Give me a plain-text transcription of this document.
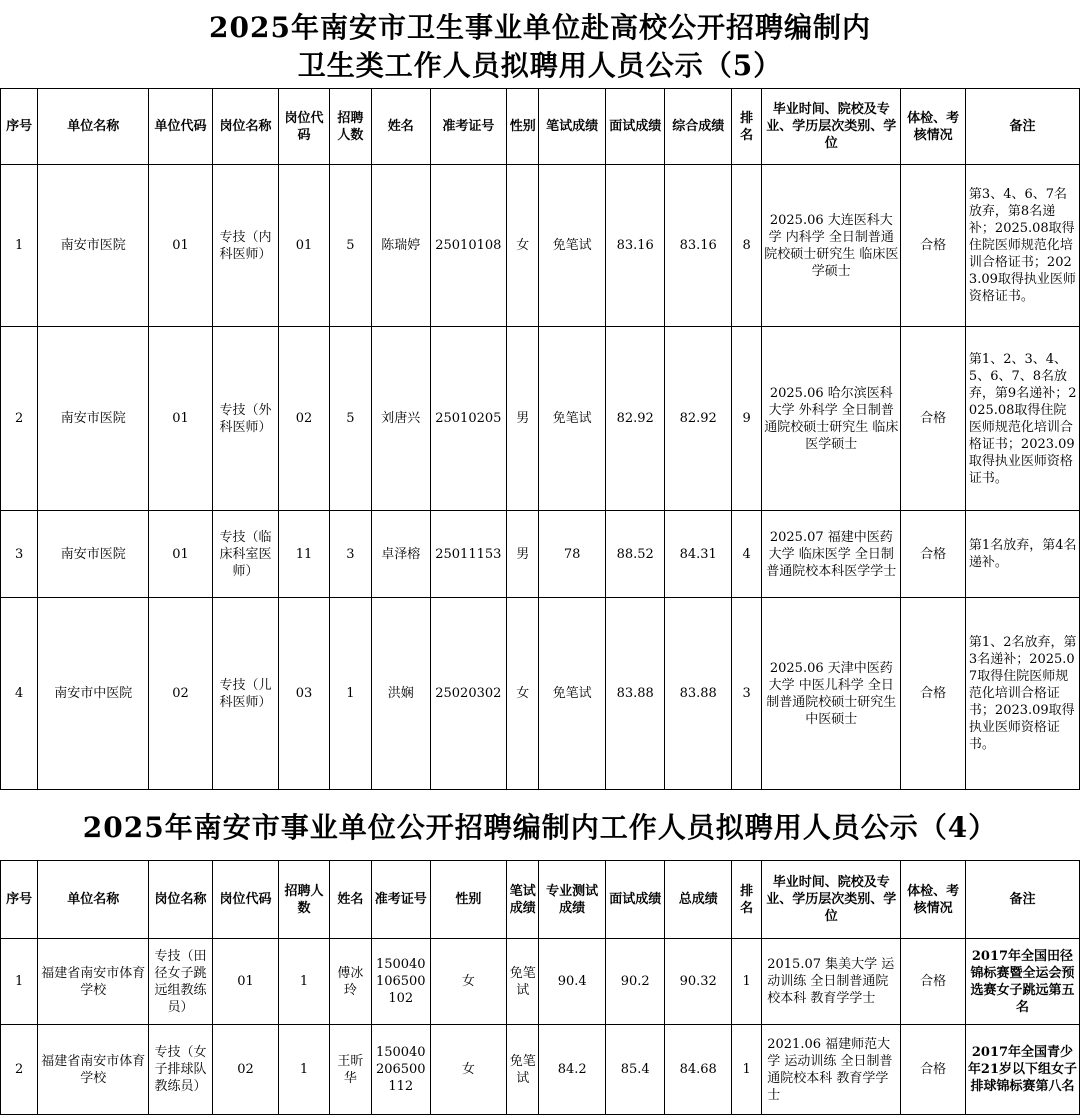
2025年南安市卫生事业单位赴高校公开招聘编制内
卫生类工作人员拟聘用人员公示（5）
序号	单位名称	单位代码	岗位名称	岗位代码	招聘人数	姓名	准考证号	性别	笔试成绩	面试成绩	综合成绩	排名	毕业时间、院校及专业、学历层次类别、学位	体检、考核情况	备注
1	南安市医院	01	专技（内科医师）	01	5	陈瑞婷	25010108	女	免笔试	83.16	83.16	8	2025.06 大连医科大学 内科学 全日制普通院校硕士研究生 临床医学硕士	合格	第3、4、6、7名放弃，第8名递补；2025.08取得住院医师规范化培训合格证书；2023.09取得执业医师资格证书。
2	南安市医院	01	专技（外科医师）	02	5	刘唐兴	25010205	男	免笔试	82.92	82.92	9	2025.06 哈尔滨医科大学 外科学 全日制普通院校硕士研究生 临床医学硕士	合格	第1、2、3、4、5、6、7、8名放弃，第9名递补；2025.08取得住院医师规范化培训合格证书；2023.09取得执业医师资格证书。
3	南安市医院	01	专技（临床科室医师）	11	3	卓泽榕	25011153	男	78	88.52	84.31	4	2025.07 福建中医药大学 临床医学 全日制普通院校本科医学学士	合格	第1名放弃，第4名递补。
4	南安市中医院	02	专技（儿科医师）	03	1	洪娴	25020302	女	免笔试	83.88	83.88	3	2025.06 天津中医药大学 中医儿科学 全日制普通院校硕士研究生 中医硕士	合格	第1、2名放弃，第3名递补；2025.07取得住院医师规范化培训合格证书；2023.09取得执业医师资格证书。
2025年南安市事业单位公开招聘编制内工作人员拟聘用人员公示（4）
序号	单位名称	岗位名称	岗位代码	招聘人数	姓名	准考证号	性别	笔试成绩	专业测试成绩	面试成绩	总成绩	排名	毕业时间、院校及专业、学历层次类别、学位	体检、考核情况	备注
1	福建省南安市体育学校	专技（田径女子跳远组教练员）	01	1	傅冰玲	150040106500102	女	免笔试	90.4	90.2	90.32	1	2015.07 集美大学 运动训练 全日制普通院校本科 教育学学士	合格	2017年全国田径锦标赛暨全运会预选赛女子跳远第五名
2	福建省南安市体育学校	专技（女子排球队教练员）	02	1	王昕华	150040206500112	女	免笔试	84.2	85.4	84.68	1	2021.06 福建师范大学 运动训练 全日制普通院校本科 教育学学士	合格	2017年全国青少年21岁以下组女子排球锦标赛第八名
